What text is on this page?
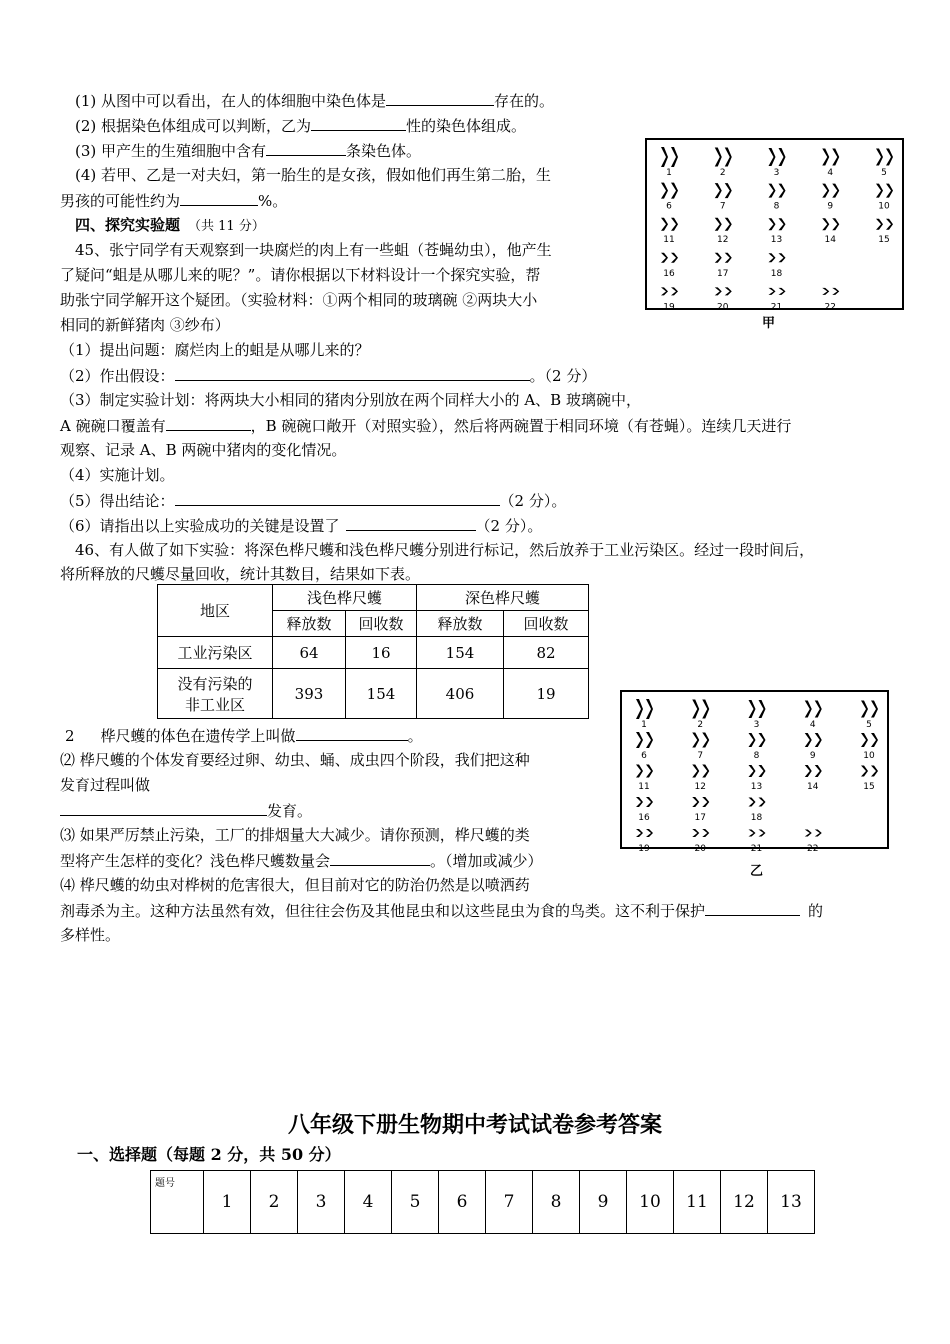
(1) 从图中可以看出，在人的体细胞中染色体是	存在的。
(2) 根据染色体组成可以判断，乙为	性的染色体组成。
(3) 甲产生的生殖细胞中含有	条染色体。
(4) 若甲、乙是一对夫妇，第一胎生的是女孩，假如他们再生第二胎，生
男孩的可能性约为	%。
四、探究实验题 （共 11 分）
45、张宁同学有天观察到一块腐烂的肉上有一些蛆（苍蝇幼虫），他产生
了疑问“蛆是从哪儿来的呢？”。请你根据以下材料设计一个探究实验，帮
助张宁同学解开这个疑团。（实验材料：①两个相同的玻璃碗 ②两块大小
相同的新鲜猪肉 ③纱布）
（1）提出问题：腐烂肉上的蛆是从哪儿来的？
（2）作出假设：	。（2 分）
（3）制定实验计划：将两块大小相同的猪肉分别放在两个同样大小的 A、B 玻璃碗中，
A 碗碗口覆盖有	，B 碗碗口敞开（对照实验），然后将两碗置于相同环境（有苍蝇）。连续几天进行
观察、记录 A、B 两碗中猪肉的变化情况。
（4）实施计划。
（5）得出结论：	（2 分）。
（6）请指出以上实验成功的关键是设置了	（2 分）。
46、有人做了如下实验：将深色桦尺蠖和浅色桦尺蠖分别进行标记，然后放养于工业污染区。经过一段时间后，
将所释放的尺蠖尽量回收，统计其数目，结果如下表。
地区	浅色桦尺蠖		深色桦尺蠖	
	释放数	回收数	释放数	回收数
工业污染区	64	16	154	82
没有污染的
非工业区	393	154	406	19
2 桦尺蠖的体色在遗传学上叫做	。
⑵ 桦尺蠖的个体发育要经过卵、幼虫、蛹、成虫四个阶段，我们把这种
发育过程叫做
发育。
⑶ 如果严厉禁止污染，工厂的排烟量大大减少。请你预测，桦尺蠖的类
型将产生怎样的变化？浅色桦尺蠖数量会	。（增加或减少）
⑷ 桦尺蠖的幼虫对桦树的危害很大，但目前对它的防治仍然是以喷洒药
剂毒杀为主。这种方法虽然有效，但往往会伤及其他昆虫和以这些昆虫为食的鸟类。这不利于保护	的
多样性。
1	2	3	4	5
6	7	8	9	10
11	12	13	14	15
16	17	18
19	20	21	22
甲
1	2	3	4	5
6	7	8	9	10
11	12	13	14	15
16	17	18
19	20	21	22
乙
八年级下册生物期中考试试卷参考答案
一、选择题（每题 2 分，共 50 分）
题号	1	2	3	4	5	6	7	8	9	10	11	12	13
